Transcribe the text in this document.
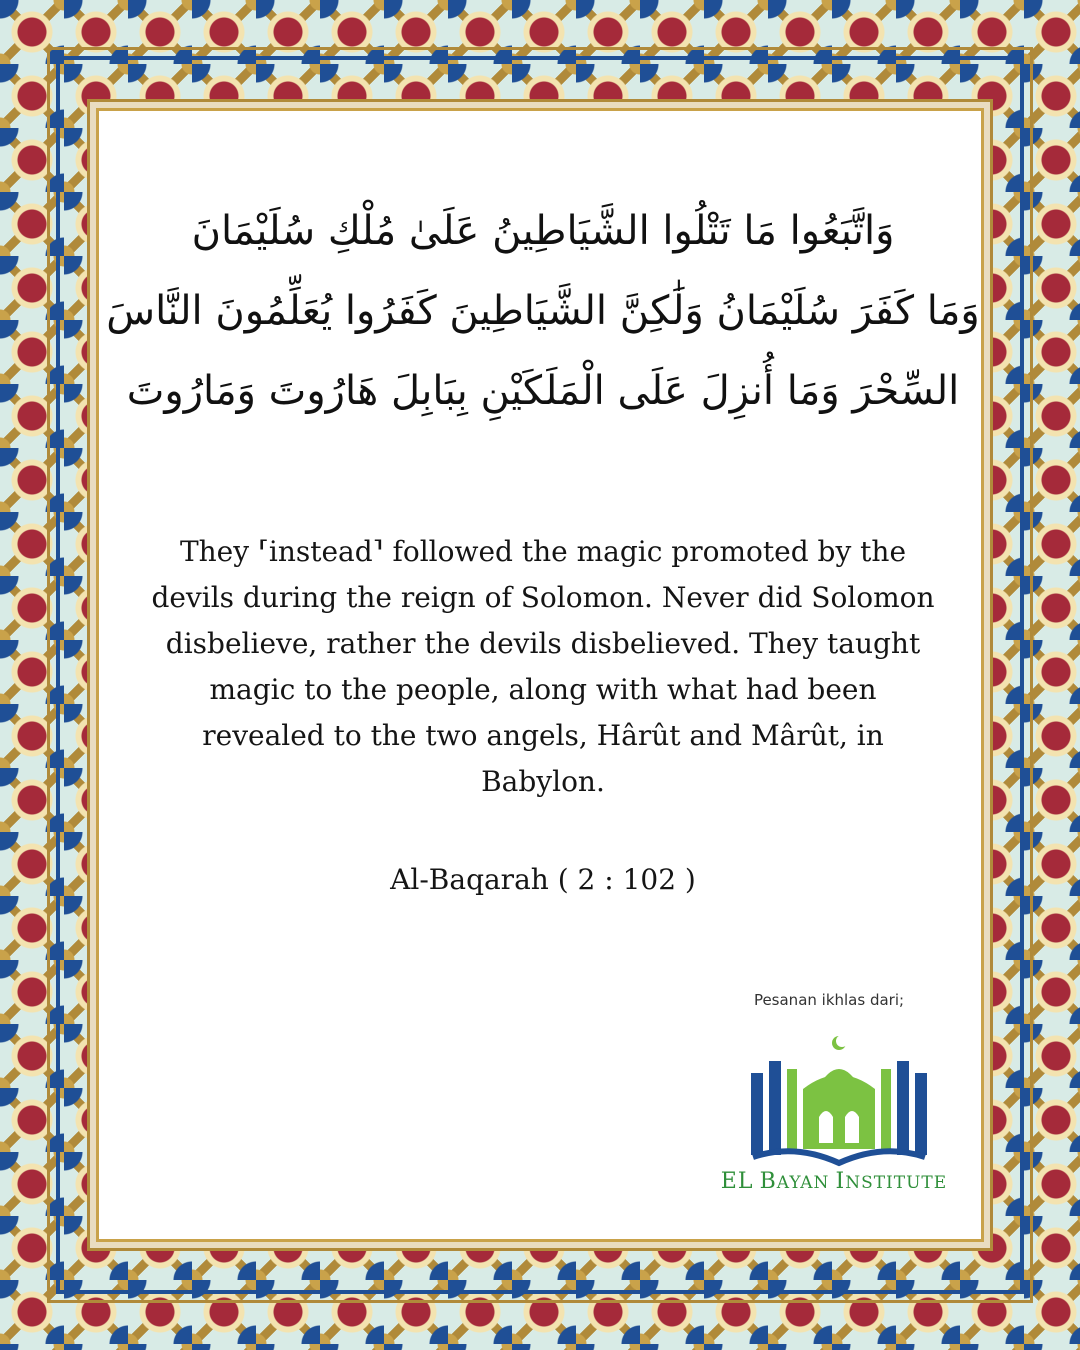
وَاتَّبَعُوا مَا تَتْلُوا الشَّيَاطِينُ عَلَىٰ مُلْكِ سُلَيْمَانَ
وَمَا كَفَرَ سُلَيْمَانُ وَلَٰكِنَّ الشَّيَاطِينَ كَفَرُوا يُعَلِّمُونَ النَّاسَ
السِّحْرَ وَمَا أُنزِلَ عَلَى الْمَلَكَيْنِ بِبَابِلَ هَارُوتَ وَمَارُوتَ
They ⸢instead⸣ followed the magic promoted by the
devils during the reign of Solomon. Never did Solomon
disbelieve, rather the devils disbelieved. They taught
magic to the people, along with what had been
revealed to the two angels, Hârût and Mârût, in
Babylon.
Al-Baqarah ( 2 : 102 )
Pesanan ikhlas dari;
EL BAYAN INSTITUTE
